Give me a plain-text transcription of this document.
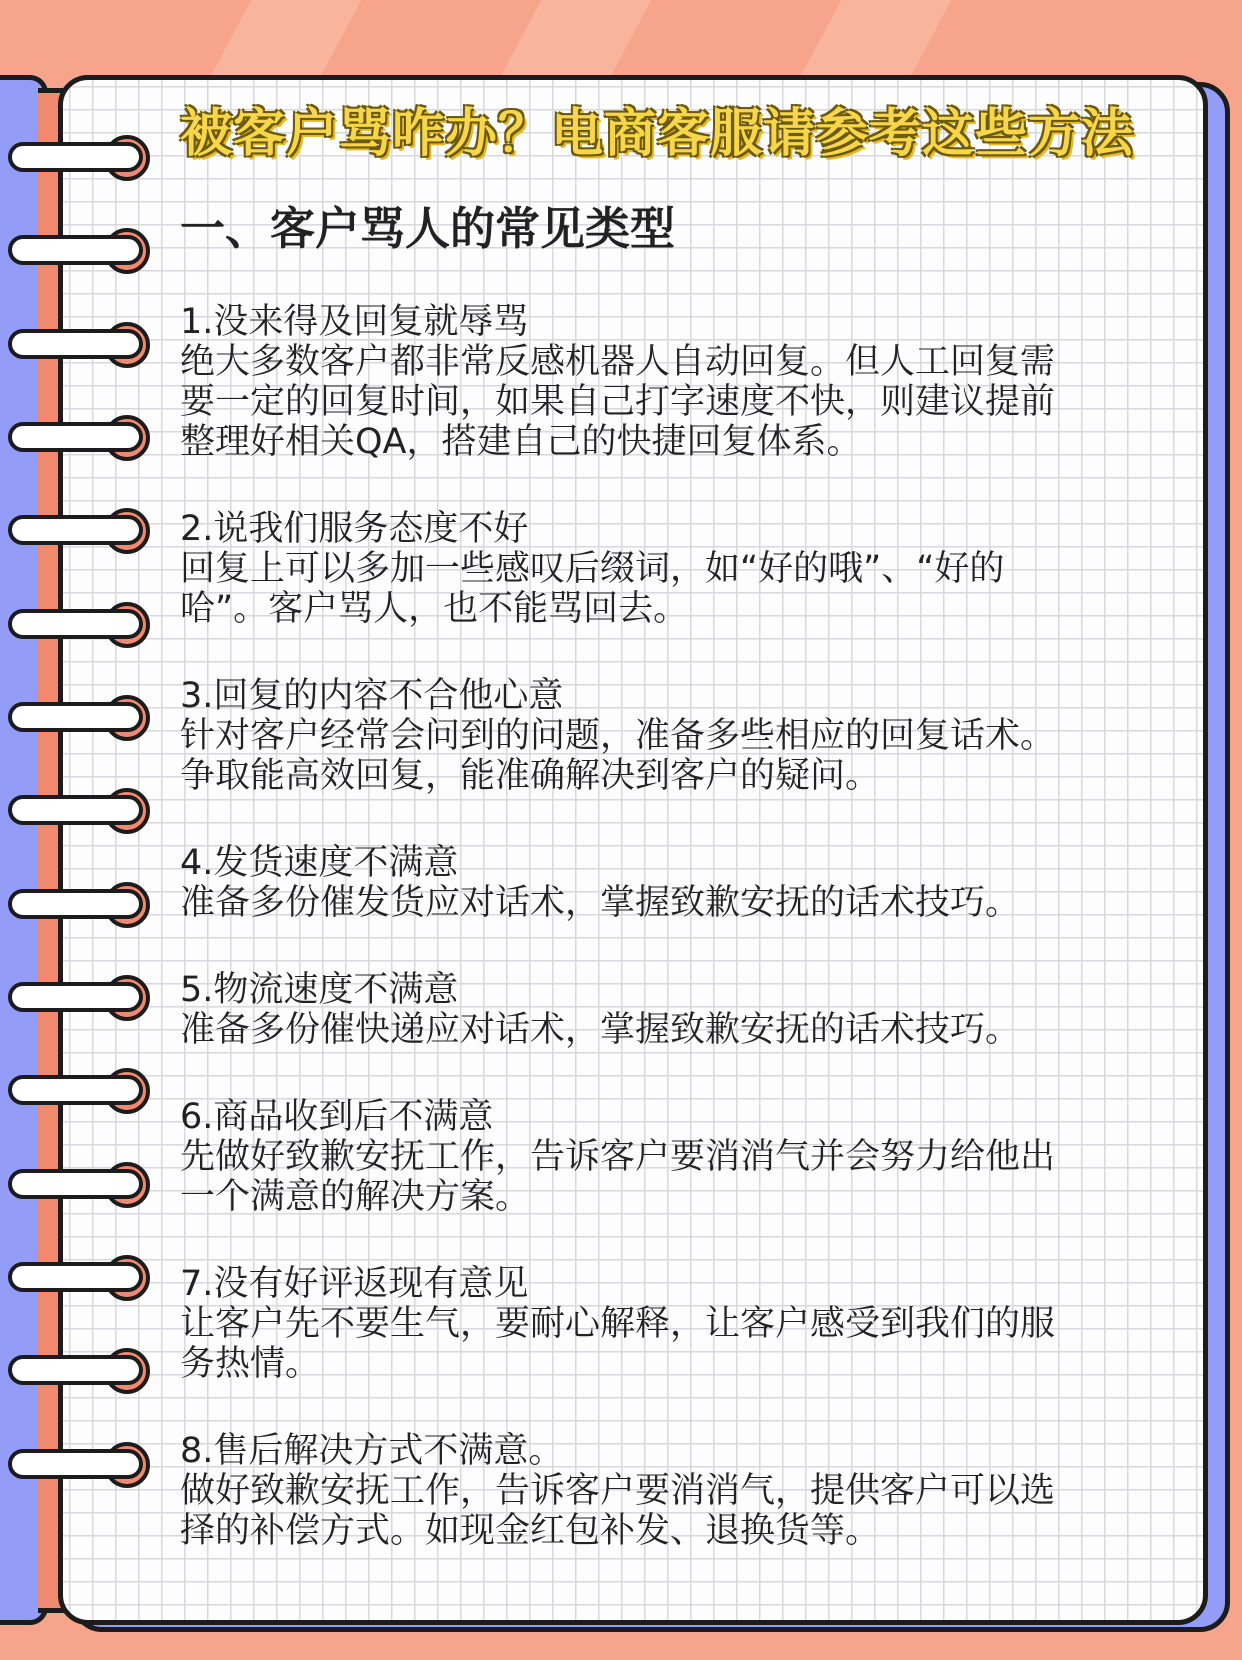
被客户骂咋办？电商客服请参考这些方法
一、客户骂人的常见类型
1.没来得及回复就辱骂
绝大多数客户都非常反感机器人自动回复。但人工回复需
要一定的回复时间，如果自己打字速度不快，则建议提前
整理好相关QA，搭建自己的快捷回复体系。
2.说我们服务态度不好
回复上可以多加一些感叹后缀词，如“好的哦”、“好的
哈”。客户骂人，也不能骂回去。
3.回复的内容不合他心意
针对客户经常会问到的问题，准备多些相应的回复话术。
争取能高效回复，能准确解决到客户的疑问。
4.发货速度不满意
准备多份催发货应对话术，掌握致歉安抚的话术技巧。
5.物流速度不满意
准备多份催快递应对话术，掌握致歉安抚的话术技巧。
6.商品收到后不满意
先做好致歉安抚工作，告诉客户要消消气并会努力给他出
一个满意的解决方案。
7.没有好评返现有意见
让客户先不要生气，要耐心解释，让客户感受到我们的服
务热情。
8.售后解决方式不满意。
做好致歉安抚工作，告诉客户要消消气，提供客户可以选
择的补偿方式。如现金红包补发、退换货等。
